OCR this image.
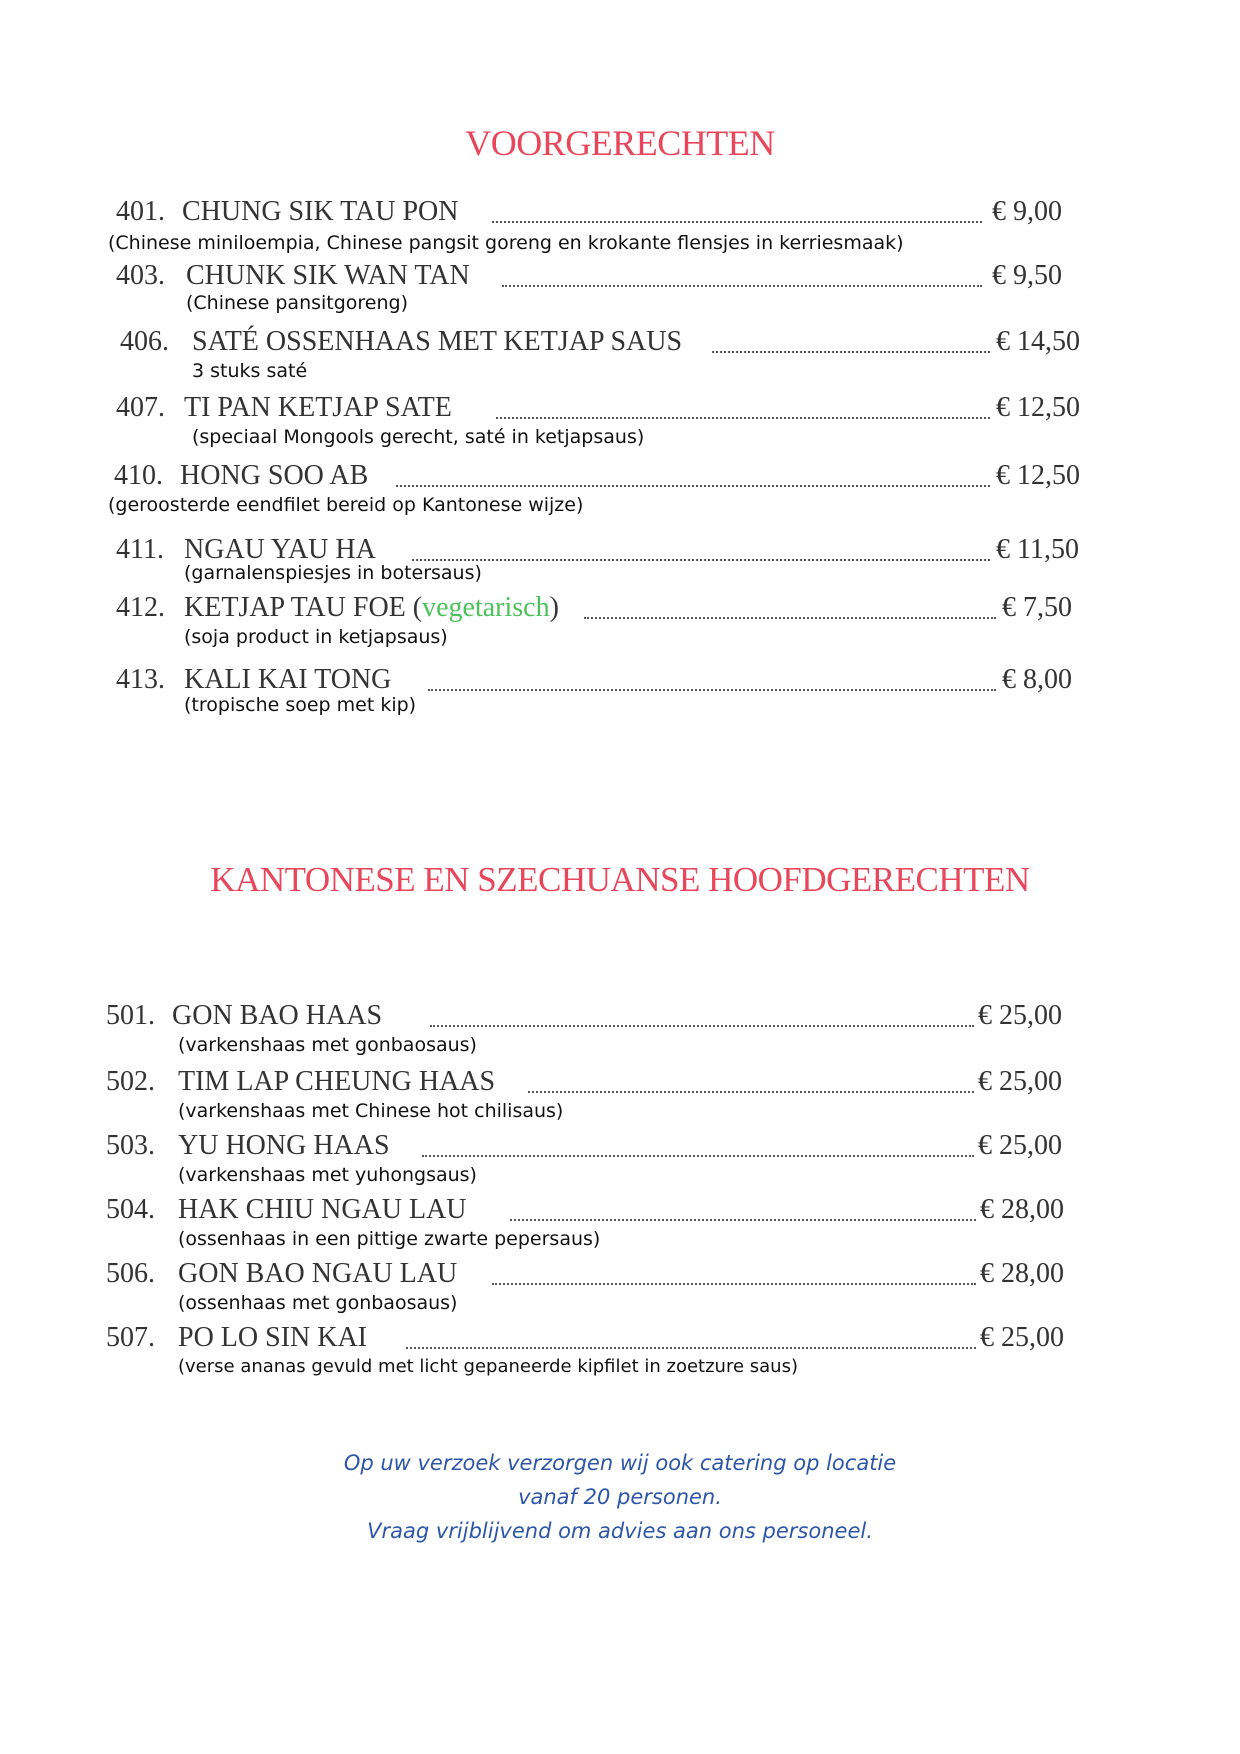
VOORGERECHTEN
401. CHUNG SIK TAU PON	€ 9,00
(Chinese miniloempia, Chinese pangsit goreng en krokante flensjes in kerriesmaak)
403. CHUNK SIK WAN TAN	€ 9,50
(Chinese pansitgoreng)
406. SATÉ OSSENHAAS MET KETJAP SAUS	€ 14,50
3 stuks saté
407. TI PAN KETJAP SATE	€ 12,50
(speciaal Mongools gerecht, saté in ketjapsaus)
410. HONG SOO AB	€ 12,50
(geroosterde eendfilet bereid op Kantonese wijze)
411. NGAU YAU HA	€ 11,50
(garnalenspiesjes in botersaus)
412. KETJAP TAU FOE (vegetarisch)	€ 7,50
(soja product in ketjapsaus)
413. KALI KAI TONG	€ 8,00
(tropische soep met kip)
KANTONESE EN SZECHUANSE HOOFDGERECHTEN
501. GON BAO HAAS	€ 25,00
(varkenshaas met gonbaosaus)
502. TIM LAP CHEUNG HAAS	€ 25,00
(varkenshaas met Chinese hot chilisaus)
503. YU HONG HAAS	€ 25,00
(varkenshaas met yuhongsaus)
504. HAK CHIU NGAU LAU	€ 28,00
(ossenhaas in een pittige zwarte pepersaus)
506. GON BAO NGAU LAU	€ 28,00
(ossenhaas met gonbaosaus)
507. PO LO SIN KAI	€ 25,00
(verse ananas gevuld met licht gepaneerde kipfilet in zoetzure saus)
Op uw verzoek verzorgen wij ook catering op locatie
vanaf 20 personen.
Vraag vrijblijvend om advies aan ons personeel.
